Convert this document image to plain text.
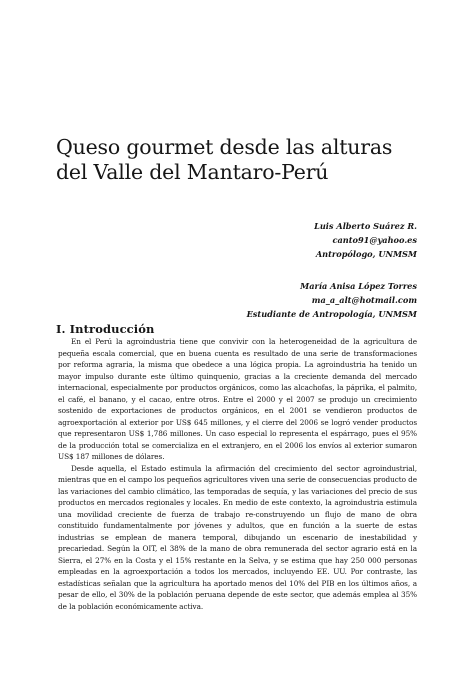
Queso gourmet desde las alturas
del Valle del Mantaro-Perú
Luis Alberto Suárez R.
canto91@yahoo.es
Antropólogo, UNMSM
María Anisa López Torres
ma_a_alt@hotmail.com
Estudiante de Antropología, UNMSM
I. Introducción

En el Perú la agroindustria tiene que convivir con la heterogeneidad de la agricultura de pequeña escala comercial, que en buena cuenta es resultado de una serie de transformaciones por reforma agraria, la misma que obedece a una lógica propia. La agroindustria ha tenido un mayor impulso durante este último quinquenio, gracias a la creciente demanda del mercado internacional, especialmente por productos orgánicos, como las alcachofas, la páprika, el palmito, el café, el banano, y el cacao, entre otros. Entre el 2000 y el 2007 se produjo un crecimiento sostenido de exportaciones de productos orgánicos, en el 2001 se vendieron productos de agroexportación al exterior por US$ 645 millones, y el cierre del 2006 se logró vender productos que representaron US$ 1,786 millones. Un caso especial lo representa el espárrago, pues el 95% de la producción total se comercializa en el extranjero, en el 2006 los envíos al exterior sumaron US$ 187 millones de dólares.

Desde aquella, el Estado estimula la afirmación del crecimiento del sector agroindustrial, mientras que en el campo los pequeños agricultores viven una serie de consecuencias producto de las variaciones del cambio climático, las temporadas de sequía, y las variaciones del precio de sus productos en mercados regionales y locales. En medio de este contexto, la agroindustria estimula una movilidad creciente de fuerza de trabajo re-construyendo un flujo de mano de obra constituido fundamentalmente por jóvenes y adultos, que en función a la suerte de estas industrias se emplean de manera temporal, dibujando un escenario de inestabilidad y precariedad. Según la OIT, el 38% de la mano de obra remunerada del sector agrario está en la Sierra, el 27% en la Costa y el 15% restante en la Selva, y se estima que hay 250 000 personas empleadas en la agroexportación a todos los mercados, incluyendo EE. UU. Por contraste, las estadísticas señalan que la agricultura ha aportado menos del 10% del PIB en los últimos años, a pesar de ello, el 30% de la población peruana depende de este sector, que además emplea al 35% de la población económicamente activa.
